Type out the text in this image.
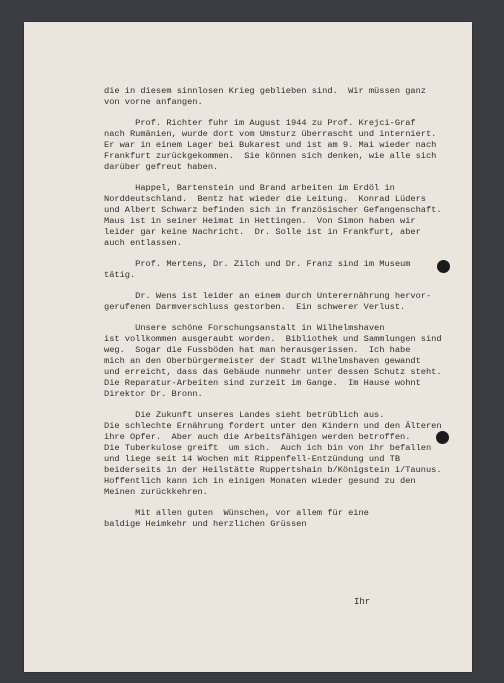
die in diesem sinnlosen Krieg geblieben sind.  Wir müssen ganz
von vorne anfangen.
Prof. Richter fuhr im August 1944 zu Prof. Krejci-Graf
nach Rumänien, wurde dort vom Umsturz überrascht und interniert.
Er war in einem Lager bei Bukarest und ist am 9. Mai wieder nach
Frankfurt zurückgekommen.  Sie können sich denken, wie alle sich
darüber gefreut haben.
Happel, Bartenstein und Brand arbeiten im Erdöl in
Norddeutschland.  Bentz hat wieder die Leitung.  Konrad Lüders
und Albert Schwarz befinden sich in französischer Gefangenschaft.
Maus ist in seiner Heimat in Hettingen.  Von Simon haben wir
leider gar keine Nachricht.  Dr. Solle ist in Frankfurt, aber
auch entlassen.
Prof. Mertens, Dr. Zilch und Dr. Franz sind im Museum
tätig.
Dr. Wens ist leider an einem durch Unterernährung hervor-
gerufenen Darmverschluss gestorben.  Ein schwerer Verlust.
Unsere schöne Forschungsanstalt in Wilhelmshaven
ist vollkommen ausgeraubt worden.  Bibliothek und Sammlungen sind
weg.  Sogar die Fussböden hat man herausgerissen.  Ich habe
mich an den Oberbürgermeister der Stadt Wilhelmshaven gewandt
und erreicht, dass das Gebäude nunmehr unter dessen Schutz steht.
Die Reparatur-Arbeiten sind zurzeit im Gange.  Im Hause wohnt
Direktor Dr. Bronn.
Die Zukunft unseres Landes sieht betrüblich aus.
Die schlechte Ernährung fordert unter den Kindern und den Älteren
ihre Opfer.  Aber auch die Arbeitsfähigen werden betroffen.
Die Tuberkulose greift  um sich.  Auch ich bin von ihr befallen
und liege seit 14 Wochen mit Rippenfell-Entzündung und TB
beiderseits in der Heilstätte Ruppertshain b/Königstein i/Taunus.
Hoffentlich kann ich in einigen Monaten wieder gesund zu den
Meinen zurückkehren.
Mit allen guten  Wünschen, vor allem für eine
baldige Heimkehr und herzlichen Grüssen
Ihr
